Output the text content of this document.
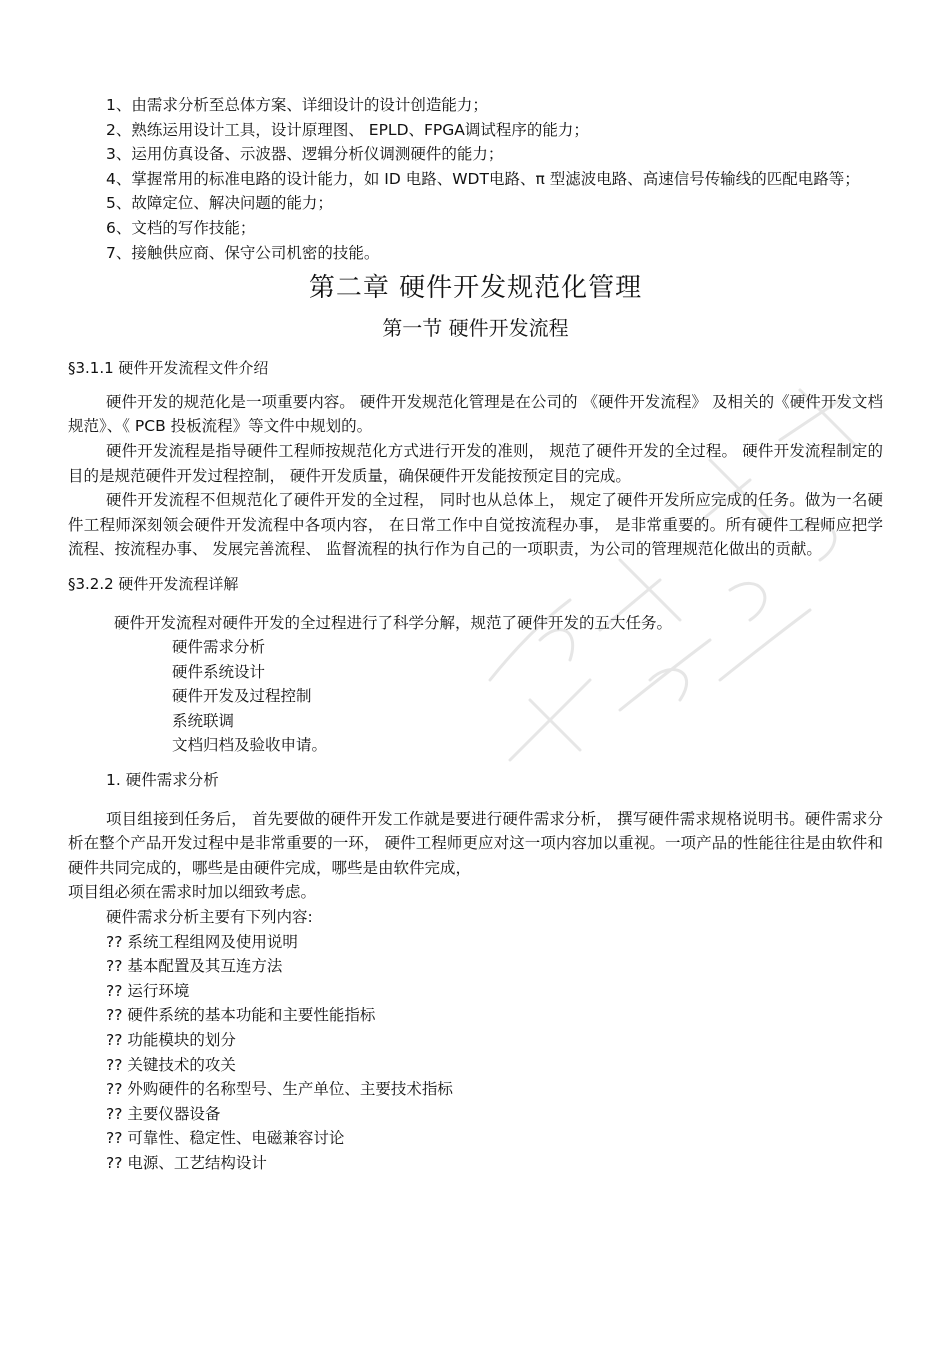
1、由需求分析至总体方案、详细设计的设计创造能力；

2、熟练运用设计工具，设计原理图、 EPLD、FPGA调试程序的能力；

3、运用仿真设备、示波器、逻辑分析仪调测硬件的能力；

4、掌握常用的标准电路的设计能力，如 ID 电路、WDT电路、π 型滤波电路、高速信号传输线的匹配电路等；

5、故障定位、解决问题的能力；

6、文档的写作技能；

7、接触供应商、保守公司机密的技能。

第二章 硬件开发规范化管理
第一节 硬件开发流程
§3.1.1 硬件开发流程文件介绍

硬件开发的规范化是一项重要内容。 硬件开发规范化管理是在公司的 《硬件开发流程》 及相关的《硬件开发文档规范》、《 PCB 投板流程》等文件中规划的。

硬件开发流程是指导硬件工程师按规范化方式进行开发的准则， 规范了硬件开发的全过程。 硬件开发流程制定的目的是规范硬件开发过程控制， 硬件开发质量，确保硬件开发能按预定目的完成。

硬件开发流程不但规范化了硬件开发的全过程， 同时也从总体上， 规定了硬件开发所应完成的任务。做为一名硬件工程师深刻领会硬件开发流程中各项内容， 在日常工作中自觉按流程办事， 是非常重要的。所有硬件工程师应把学流程、按流程办事、 发展完善流程、 监督流程的执行作为自己的一项职责，为公司的管理规范化做出的贡献。

§3.2.2 硬件开发流程详解

硬件开发流程对硬件开发的全过程进行了科学分解，规范了硬件开发的五大任务。

硬件需求分析

硬件系统设计

硬件开发及过程控制

系统联调

文档归档及验收申请。

1. 硬件需求分析

项目组接到任务后， 首先要做的硬件开发工作就是要进行硬件需求分析， 撰写硬件需求规格说明书。硬件需求分析在整个产品开发过程中是非常重要的一环， 硬件工程师更应对这一项内容加以重视。一项产品的性能往往是由软件和硬件共同完成的，哪些是由硬件完成，哪些是由软件完成，

项目组必须在需求时加以细致考虑。

硬件需求分析主要有下列内容:

?? 系统工程组网及使用说明

?? 基本配置及其互连方法

?? 运行环境

?? 硬件系统的基本功能和主要性能指标

?? 功能模块的划分

?? 关键技术的攻关

?? 外购硬件的名称型号、生产单位、主要技术指标

?? 主要仪器设备

?? 可靠性、稳定性、电磁兼容讨论

?? 电源、工艺结构设计
